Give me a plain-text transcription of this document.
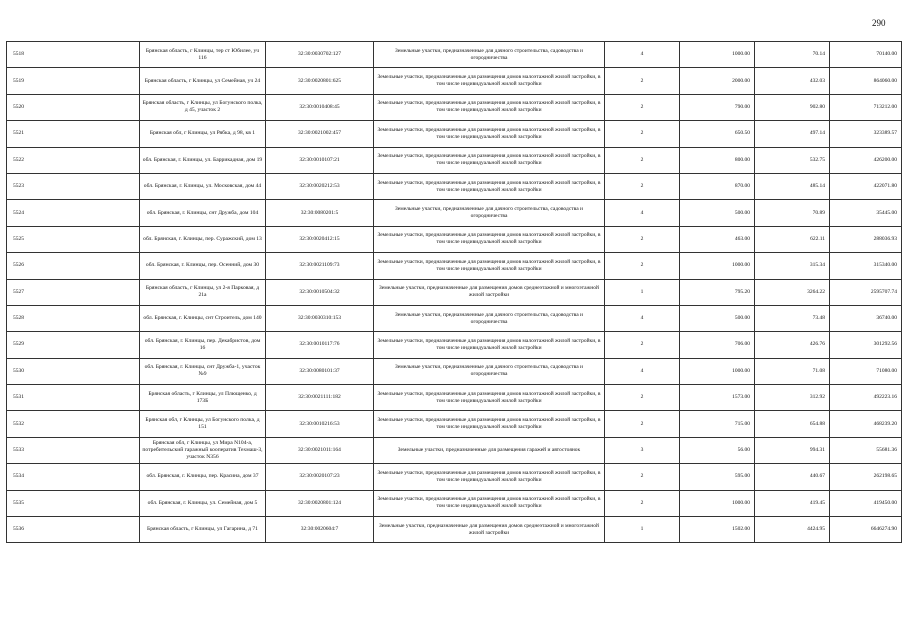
290
5518	Брянская область, г Клинцы, тер ст Юбилее, уч 116	32:30:0030702:127	Земельные участки, предназначенные для дачного строительства, садоводства и огородничества	4	1000.00	70.14	70140.00
5519	Брянская область, г Клинцы, ул Семейная, уч 24	32:30:0020801:625	Земельные участки, предназначенные для размещения домов малоэтажной жилой застройки, в том числе индивидуальной жилой застройки	2	2000.00	432.03	864060.00
5520	Брянская область, г Клинцы, ул Богунского полка, д 45, участок 2	32:30:0010408:45	Земельные участки, предназначенные для размещения домов малоэтажной жилой застройки, в том числе индивидуальной жилой застройки	2	790.00	902.80	713212.00
5521	Брянская обл, г Клинцы, ул Рябка, д 98, кв 1	32:30:0021002:457	Земельные участки, предназначенные для размещения домов малоэтажной жилой застройки, в том числе индивидуальной жилой застройки	2	650.50	497.14	323389.57
5522	обл. Брянская, г. Клинцы, ул. Баррикадная, дом 19	32:30:0010107:21	Земельные участки, предназначенные для размещения домов малоэтажной жилой застройки, в том числе индивидуальной жилой застройки	2	800.00	532.75	426200.00
5523	обл. Брянская, г. Клинцы, ул. Московская, дом 44	32:30:0020212:53	Земельные участки, предназначенные для размещения домов малоэтажной жилой застройки, в том числе индивидуальной жилой застройки	2	870.00	485.14	422071.80
5524	обл. Брянская, г. Клинцы, снт Дружба, дом 104	32:30:0080201:5	Земельные участки, предназначенные для дачного строительства, садоводства и огородничества	4	500.00	70.89	35445.00
5525	обл. Брянская, г. Клинцы, пер. Суражский, дом 13	32:30:0020412:15	Земельные участки, предназначенные для размещения домов малоэтажной жилой застройки, в том числе индивидуальной жилой застройки	2	463.00	622.11	288036.93
5526	обл. Брянская, г. Клинцы, пер. Осенний, дом 30	32:30:0021109:73	Земельные участки, предназначенные для размещения домов малоэтажной жилой застройки, в том числе индивидуальной жилой застройки	2	1000.00	315.34	315340.00
5527	Брянская область, г Клинцы, ул 2-я Парковая, д 21а	32:30:0010504:32	Земельные участки, предназначенные для размещения домов среднеэтажной и многоэтажной жилой застройки	1	795.20	3264.22	2595707.74
5528	обл. Брянская, г. Клинцы, снт Строитель, дом 140	32:30:0030310:153	Земельные участки, предназначенные для дачного строительства, садоводства и огородничества	4	500.00	73.48	36740.00
5529	обл. Брянская, г. Клинцы, пер. Декабристов, дом 16	32:30:0010117:76	Земельные участки, предназначенные для размещения домов малоэтажной жилой застройки, в том числе индивидуальной жилой застройки	2	706.00	426.76	301292.56
5530	обл. Брянская, г. Клинцы, снт Дружба-1, участок №9	32:30:0080101:37	Земельные участки, предназначенные для дачного строительства, садоводства и огородничества	4	1000.00	71.08	71080.00
5531	Брянская область, г Клинцы, ул Плющенко, д 173Б	32:30:0021111:182	Земельные участки, предназначенные для размещения домов малоэтажной жилой застройки, в том числе индивидуальной жилой застройки	2	1573.00	312.92	492223.16
5532	Брянская обл, г Клинцы, ул Богунского полка, д 151	32:30:0010216:53	Земельные участки, предназначенные для размещения домов малоэтажной жилой застройки, в том числе индивидуальной жилой застройки	2	715.00	654.88	468239.20
5533	Брянская обл, г Клинцы, ул Мира N104-а, потребительский гаражный кооператив Техмаш-3, участок N356	32:30:0021011:164	Земельные участки, предназначенные для размещения гаражей и автостоянок	3	56.00	994.31	55681.36
5534	обл. Брянская, г. Клинцы, пер. Красина, дом 37	32:30:0020107:23	Земельные участки, предназначенные для размещения домов малоэтажной жилой застройки, в том числе индивидуальной жилой застройки	2	595.00	440.67	262198.65
5535	обл. Брянская, г. Клинцы, ул. Семейная, дом 5	32:30:0020801:124	Земельные участки, предназначенные для размещения домов малоэтажной жилой застройки, в том числе индивидуальной жилой застройки	2	1000.00	419.45	419450.00
5536	Брянская область, г Клинцы, ул Гагарина, д 71	32:30:0020604:7	Земельные участки, предназначенные для размещения домов среднеэтажной и многоэтажной жилой застройки	1	1502.00	4424.95	6646274.90
